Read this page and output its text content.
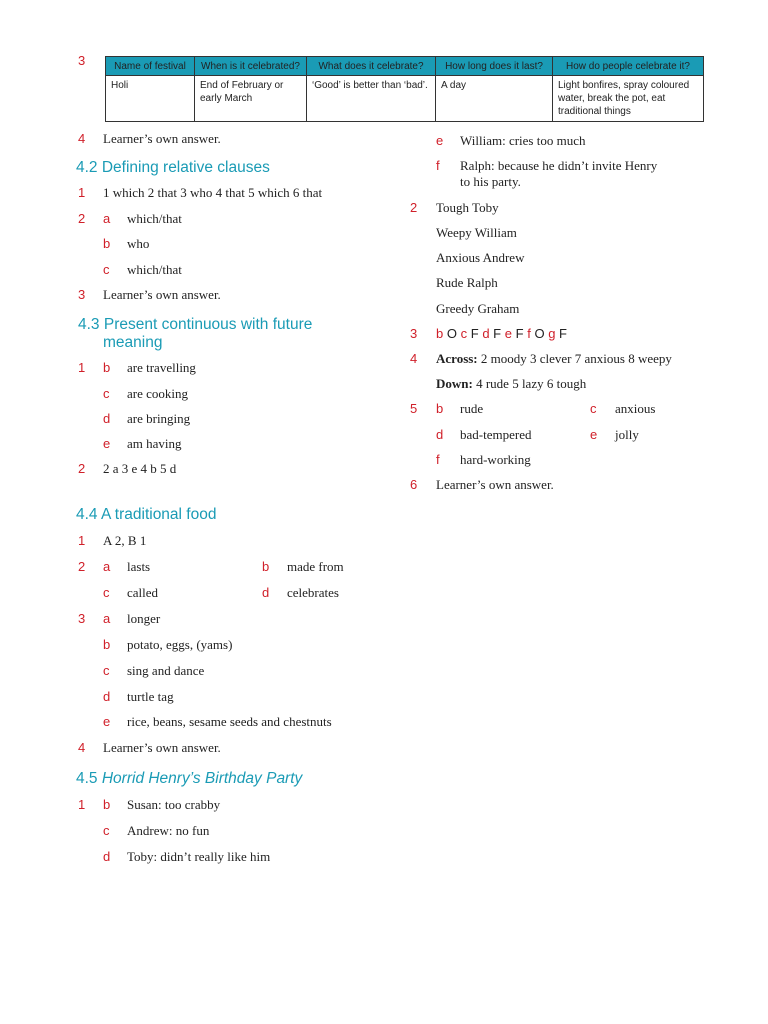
3	Name of festival	When is it celebrated?	What does it celebrate?	How long does it last?	How do people celebrate it?
Holi	End of February or early March	‘Good’ is better than ‘bad’.	A day	Light bonfires, spray coloured water, break the pot, eat traditional things
4 Learner’s own answer.
4.2 Defining relative clauses
1 1 which 2 that 3 who 4 that 5 which 6 that
2 a which/that
b who
c which/that
3 Learner’s own answer.
4.3 Present continuous with future
meaning
1 b are travelling
c are cooking
d are bringing
e am having
2 2 a 3 e 4 b 5 d

4.4 A traditional food
1 A 2, B 1
2 a lasts	b made from
c called	d celebrates
3 a longer
b potato, eggs, (yams)
c sing and dance
d turtle tag
e rice, beans, sesame seeds and chestnuts
4 Learner’s own answer.
4.5 Horrid Henry’s Birthday Party
1 b Susan: too crabby
c Andrew: no fun
d Toby: didn’t really like him
e William: cries too much
f Ralph: because he didn’t invite Henry
to his party.
2 Tough Toby
Weepy William
Anxious Andrew
Rude Ralph
Greedy Graham
3 b O c F d F e F f O g F
4 Across: 2 moody 3 clever 7 anxious 8 weepy
Down: 4 rude 5 lazy 6 tough
5 b rude	c anxious
d bad-tempered	e jolly
f hard-working
6 Learner’s own answer.
